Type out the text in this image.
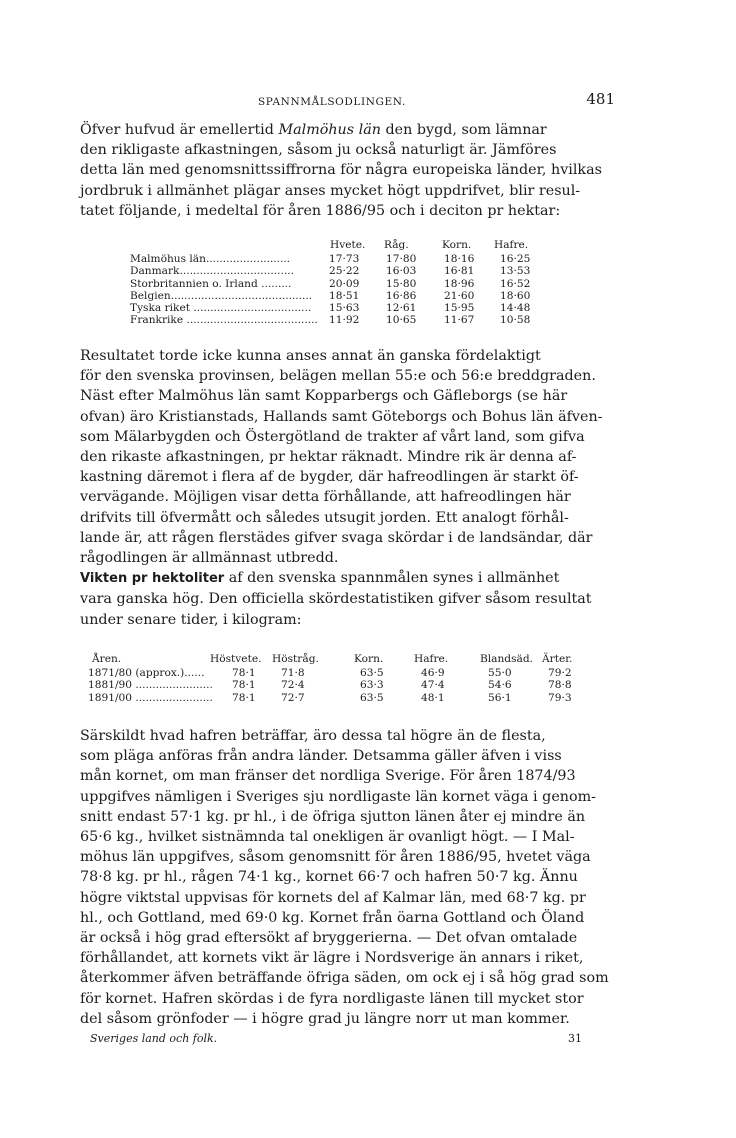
SPANNMÅLSODLINGEN.	481

Öfver hufvud är emellertid Malmöhus län den bygd, som lämnar
den rikligaste afkastningen, såsom ju också naturligt är. Jämföres
detta län med genomsnittssiffrorna för några europeiska länder, hvilkas
jordbruk i allmänhet plägar anses mycket högt uppdrifvet, blir resul-
tatet följande, i medeltal för åren 1886/95 och i deciton pr hektar:

Hvete. Råg.	Korn. Hafre.
Malmöhus län.........................	17·73	17·80	18·16 16·25
Danmark..................................	25·22	16·03	16·81 13·53
Storbritannien o. Irland .........	20·09	15·80	18·96 16·52
Belgien.......................................... 18·51	16·86	21·60 18·60
Tyska riket ................................... 15·63	12·61	15·95 14·48
Frankrike ....................................... 11·92	10·65	11·67 10·58

Resultatet torde icke kunna anses annat än ganska fördelaktigt
för den svenska provinsen, belägen mellan 55:e och 56:e breddgraden.

Näst efter Malmöhus län samt Kopparbergs och Gäfleborgs (se här
ofvan) äro Kristianstads, Hallands samt Göteborgs och Bohus län äfven-
som Mälarbygden och Östergötland de trakter af vårt land, som gifva
den rikaste afkastningen, pr hektar räknadt. Mindre rik är denna af-
kastning däremot i flera af de bygder, där hafreodlingen är starkt öf-
vervägande. Möjligen visar detta förhållande, att hafreodlingen här
drifvits till öfvermått och således utsugit jorden. Ett analogt förhål-
lande är, att rågen flerstädes gifver svaga skördar i de landsändar, där
rågodlingen är allmännast utbredd.

Vikten pr hektoliter af den svenska spannmålen synes i allmänhet
vara ganska hög. Den officiella skördestatistiken gifver såsom resultat
under senare tider, i kilogram:

Åren.	Höstvete. Höstråg.	Korn.	Hafre.	Blandsäd. Ärter.
1871/80 (approx.)......	78·1 71·8	63·5	46·9	55·0	79·2
1881/90 ....................... 78·1 72·4	63·3	47·4	54·6	78·8
1891/00 ....................... 78·1 72·7	63·5	48·1	56·1	79·3

Särskildt hvad hafren beträffar, äro dessa tal högre än de flesta,
som pläga anföras från andra länder. Detsamma gäller äfven i viss
mån kornet, om man fränser det nordliga Sverige. För åren 1874/93
uppgifves nämligen i Sveriges sju nordligaste län kornet väga i genom-
snitt endast 57·1 kg. pr hl., i de öfriga sjutton länen åter ej mindre än
65·6 kg., hvilket sistnämnda tal onekligen är ovanligt högt. — I Mal-
möhus län uppgifves, såsom genomsnitt för åren 1886/95, hvetet väga
78·8 kg. pr hl., rågen 74·1 kg., kornet 66·7 och hafren 50·7 kg. Ännu
högre viktstal uppvisas för kornets del af Kalmar län, med 68·7 kg. pr
hl., och Gottland, med 69·0 kg. Kornet från öarna Gottland och Öland
är också i hög grad eftersökt af bryggerierna. — Det ofvan omtalade
förhållandet, att kornets vikt är lägre i Nordsverige än annars i riket,
återkommer äfven beträffande öfriga säden, om ock ej i så hög grad som
för kornet. Hafren skördas i de fyra nordligaste länen till mycket stor
del såsom grönfoder — i högre grad ju längre norr ut man kommer.

Sveriges land och folk.	31
